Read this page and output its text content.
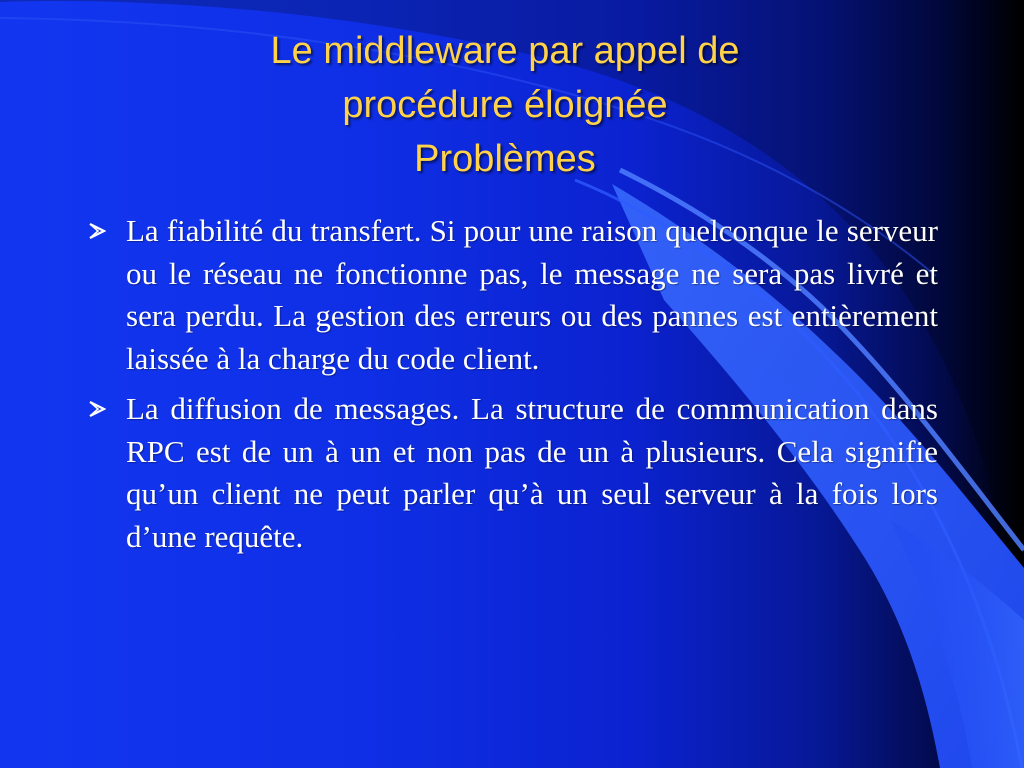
Le middleware par appel de
procédure éloignée
Problèmes
La fiabilité du transfert. Si pour une raison quelconque le serveur ou le réseau ne fonctionne pas, le message ne sera pas livré et sera perdu. La gestion des erreurs ou des pannes est entièrement laissée à la charge du code client.
La diffusion de messages. La structure de communication dans RPC est de un à un et non pas de un à plusieurs. Cela signifie qu’un client ne peut parler qu’à un seul serveur à la fois lors d’une requête.
